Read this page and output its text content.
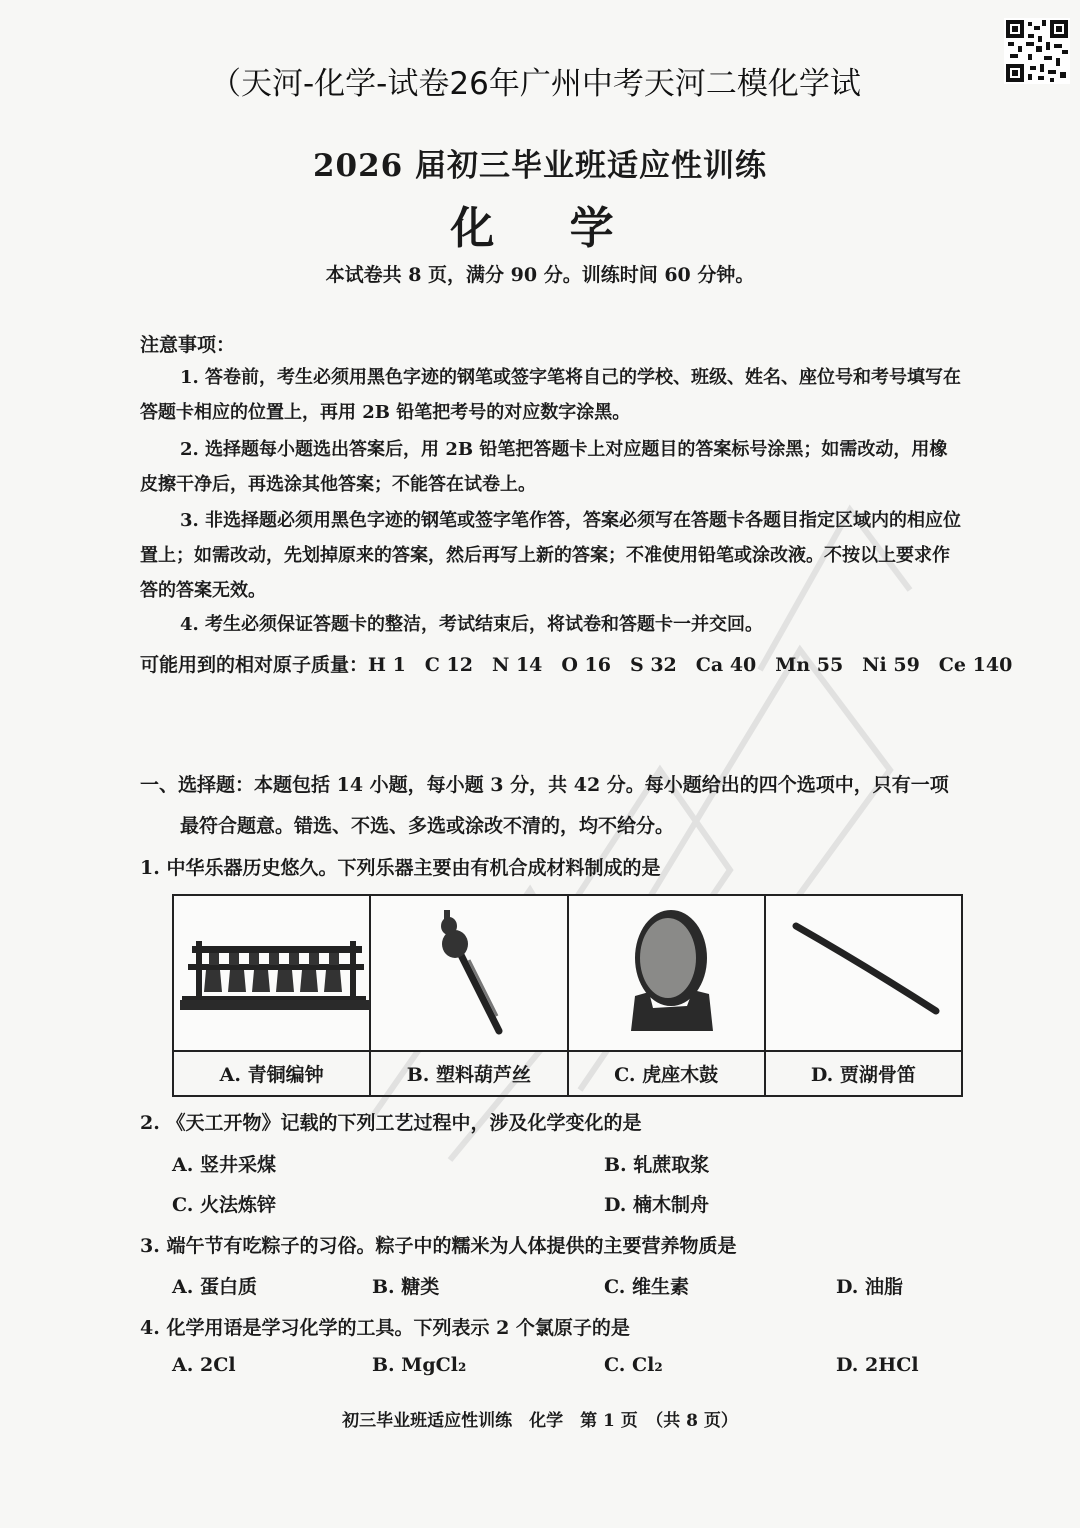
（天河-化学-试卷26年广州中考天河二模化学试
2026 届初三毕业班适应性训练
化 学
本试卷共 8 页，满分 90 分。训练时间 60 分钟。
注意事项：

1. 答卷前，考生必须用黑色字迹的钢笔或签字笔将自己的学校、班级、姓名、座位号和考号填写在答题卡相应的位置上，再用 2B 铅笔把考号的对应数字涂黑。

2. 选择题每小题选出答案后，用 2B 铅笔把答题卡上对应题目的答案标号涂黑；如需改动，用橡皮擦干净后，再选涂其他答案；不能答在试卷上。

3. 非选择题必须用黑色字迹的钢笔或签字笔作答，答案必须写在答题卡各题目指定区域内的相应位置上；如需改动，先划掉原来的答案，然后再写上新的答案；不准使用铅笔或涂改液。不按以上要求作答的答案无效。

4. 考生必须保证答题卡的整洁，考试结束后，将试卷和答题卡一并交回。

可能用到的相对原子质量：H 1　C 12　N 14　O 16　S 32　Ca 40　Mn 55　Ni 59　Ce 140

一、选择题：本题包括 14 小题，每小题 3 分，共 42 分。每小题给出的四个选项中，只有一项
最符合题意。错选、不选、多选或涂改不清的，均不给分。

1. 中华乐器历史悠久。下列乐器主要由有机合成材料制成的是

A. 青铜编钟	B. 塑料葫芦丝	C. 虎座木鼓	D. 贾湖骨笛
2. 《天工开物》记载的下列工艺过程中，涉及化学变化的是
A. 竖井采煤	B. 轧蔗取浆
C. 火法炼锌	D. 楠木制舟
3. 端午节有吃粽子的习俗。粽子中的糯米为人体提供的主要营养物质是
A. 蛋白质	B. 糖类	C. 维生素	D. 油脂
4. 化学用语是学习化学的工具。下列表示 2 个氯原子的是
A. 2Cl	B. MgCl₂	C. Cl₂	D. 2HCl
初三毕业班适应性训练　化学　第 1 页　（共 8 页）
